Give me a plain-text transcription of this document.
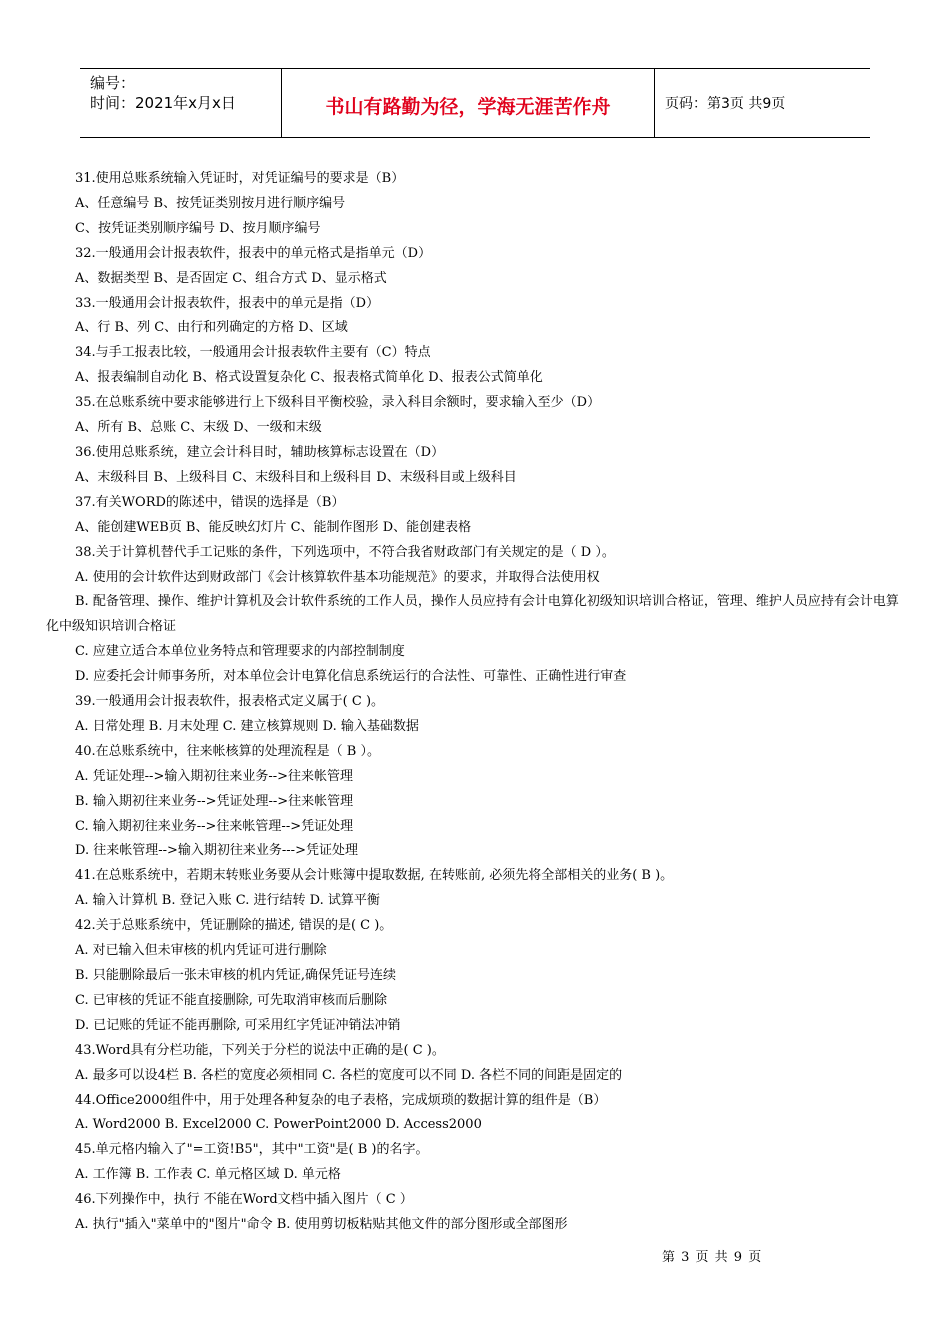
编号：
时间：2021年x月x日	书山有路勤为径，学海无涯苦作舟	页码：第3页 共9页
31.使用总账系统输入凭证时，对凭证编号的要求是（B）
A、任意编号 B、按凭证类别按月进行顺序编号
C、按凭证类别顺序编号 D、按月顺序编号
32.一般通用会计报表软件，报表中的单元格式是指单元（D）
A、数据类型 B、是否固定 C、组合方式 D、显示格式
33.一般通用会计报表软件，报表中的单元是指（D）
A、行 B、列 C、由行和列确定的方格 D、区域
34.与手工报表比较，一般通用会计报表软件主要有（C）特点
A、报表编制自动化 B、格式设置复杂化 C、报表格式简单化 D、报表公式简单化
35.在总账系统中要求能够进行上下级科目平衡校验，录入科目余额时，要求输入至少（D）
A、所有 B、总账 C、末级 D、一级和末级
36.使用总账系统，建立会计科目时，辅助核算标志设置在（D）
A、末级科目 B、上级科目 C、末级科目和上级科目 D、末级科目或上级科目
37.有关WORD的陈述中，错误的选择是（B）
A、能创建WEB页 B、能反映幻灯片 C、能制作图形 D、能创建表格
38.关于计算机替代手工记账的条件，下列选项中，不符合我省财政部门有关规定的是（ D ）。
A. 使用的会计软件达到财政部门《会计核算软件基本功能规范》的要求，并取得合法使用权
B. 配备管理、操作、维护计算机及会计软件系统的工作人员，操作人员应持有会计电算化初级知识培训合格证，管理、维护人员应持有会计电算化中级知识培训合格证
C. 应建立适合本单位业务特点和管理要求的内部控制制度
D. 应委托会计师事务所，对本单位会计电算化信息系统运行的合法性、可靠性、正确性进行审查
39.一般通用会计报表软件，报表格式定义属于( C )。
A. 日常处理 B. 月末处理 C. 建立核算规则 D. 输入基础数据
40.在总账系统中，往来帐核算的处理流程是（ B ）。
A. 凭证处理-->输入期初往来业务-->往来帐管理
B. 输入期初往来业务-->凭证处理-->往来帐管理
C. 输入期初往来业务-->往来帐管理-->凭证处理
D. 往来帐管理-->输入期初往来业务--->凭证处理
41.在总账系统中，若期末转账业务要从会计账簿中提取数据, 在转账前, 必须先将全部相关的业务( B )。
A. 输入计算机 B. 登记入账 C. 进行结转 D. 试算平衡
42.关于总账系统中，凭证删除的描述, 错误的是( C )。
A. 对已输入但未审核的机内凭证可进行删除
B. 只能删除最后一张未审核的机内凭证,确保凭证号连续
C. 已审核的凭证不能直接删除, 可先取消审核而后删除
D. 已记账的凭证不能再删除, 可采用红字凭证冲销法冲销
43.Word具有分栏功能，下列关于分栏的说法中正确的是( C )。
A. 最多可以设4栏 B. 各栏的宽度必须相同 C. 各栏的宽度可以不同 D. 各栏不同的间距是固定的
44.Office2000组件中，用于处理各种复杂的电子表格，完成烦琐的数据计算的组件是（B）
A. Word2000 B. Excel2000 C. PowerPoint2000 D. Access2000
45.单元格内输入了"=工资!B5"，其中"工资"是( B )的名字。
A. 工作簿 B. 工作表 C. 单元格区域 D. 单元格
46.下列操作中，执行 不能在Word文档中插入图片（ C ）
A. 执行"插入"菜单中的"图片"命令 B. 使用剪切板粘贴其他文件的部分图形或全部图形
第 3 页 共 9 页
